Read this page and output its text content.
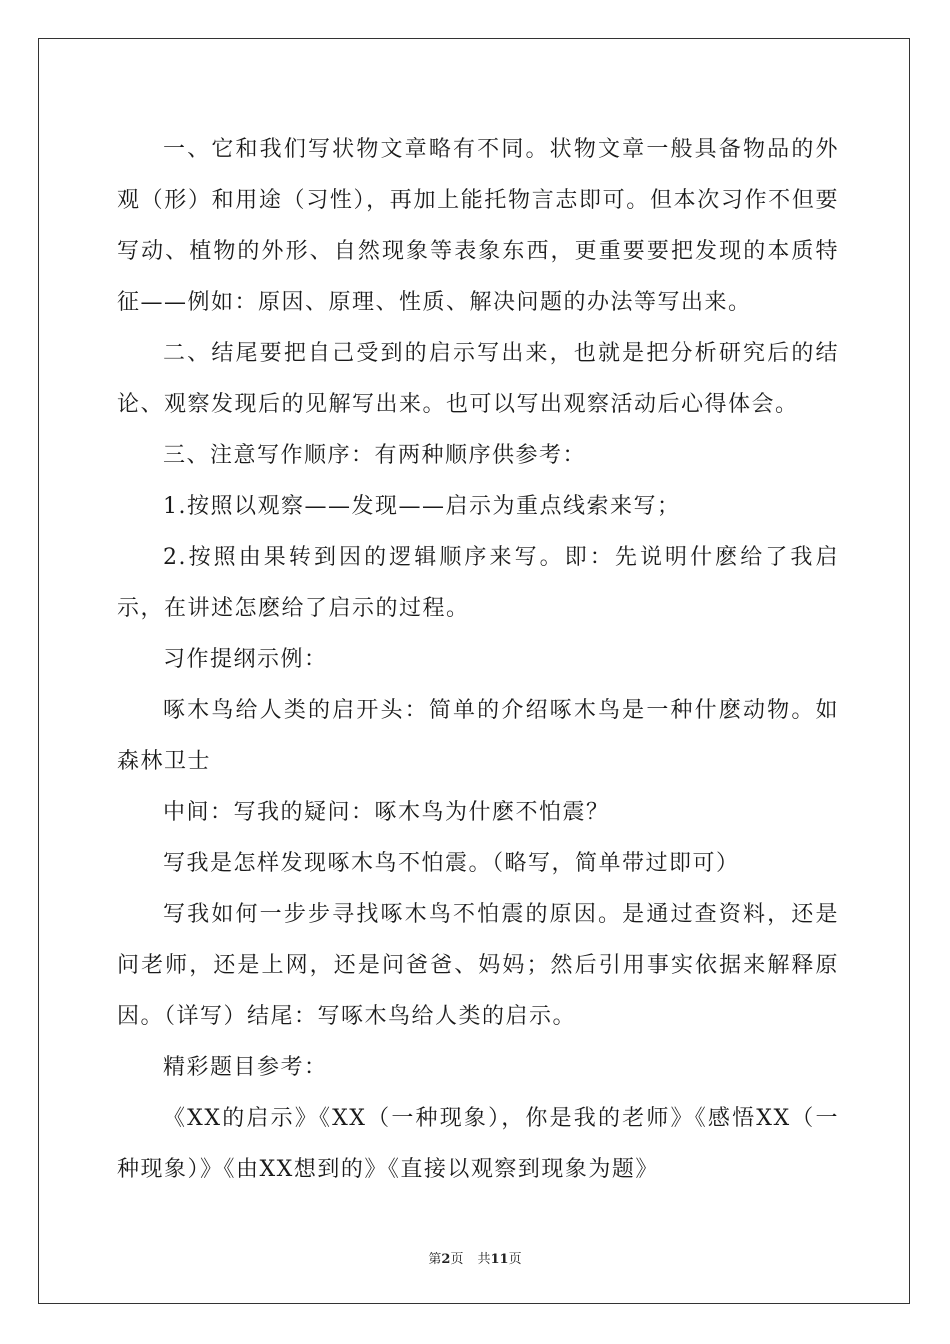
一、它和我们写状物文章略有不同。状物文章一般具备物品的外观（形）和用途（习性），再加上能托物言志即可。但本次习作不但要写动、植物的外形、自然现象等表象东西，更重要要把发现的本质特征——例如：原因、原理、性质、解决问题的办法等写出来。

二、结尾要把自己受到的启示写出来，也就是把分析研究后的结论、观察发现后的见解写出来。也可以写出观察活动后心得体会。

三、注意写作顺序：有两种顺序供参考：

1.按照以观察——发现——启示为重点线索来写；

2.按照由果转到因的逻辑顺序来写。即：先说明什麽给了我启示，在讲述怎麽给了启示的过程。

习作提纲示例：

啄木鸟给人类的启开头：简单的介绍啄木鸟是一种什麽动物。如森林卫士

中间：写我的疑问：啄木鸟为什麽不怕震？

写我是怎样发现啄木鸟不怕震。（略写，简单带过即可）

写我如何一步步寻找啄木鸟不怕震的原因。是通过查资料，还是问老师，还是上网，还是问爸爸、妈妈；然后引用事实依据来解释原因。（详写）结尾：写啄木鸟给人类的启示。

精彩题目参考：

《XX的启示》《XX（一种现象），你是我的老师》《感悟XX（一种现象）》《由XX想到的》《直接以观察到现象为题》

第2页 共11页
